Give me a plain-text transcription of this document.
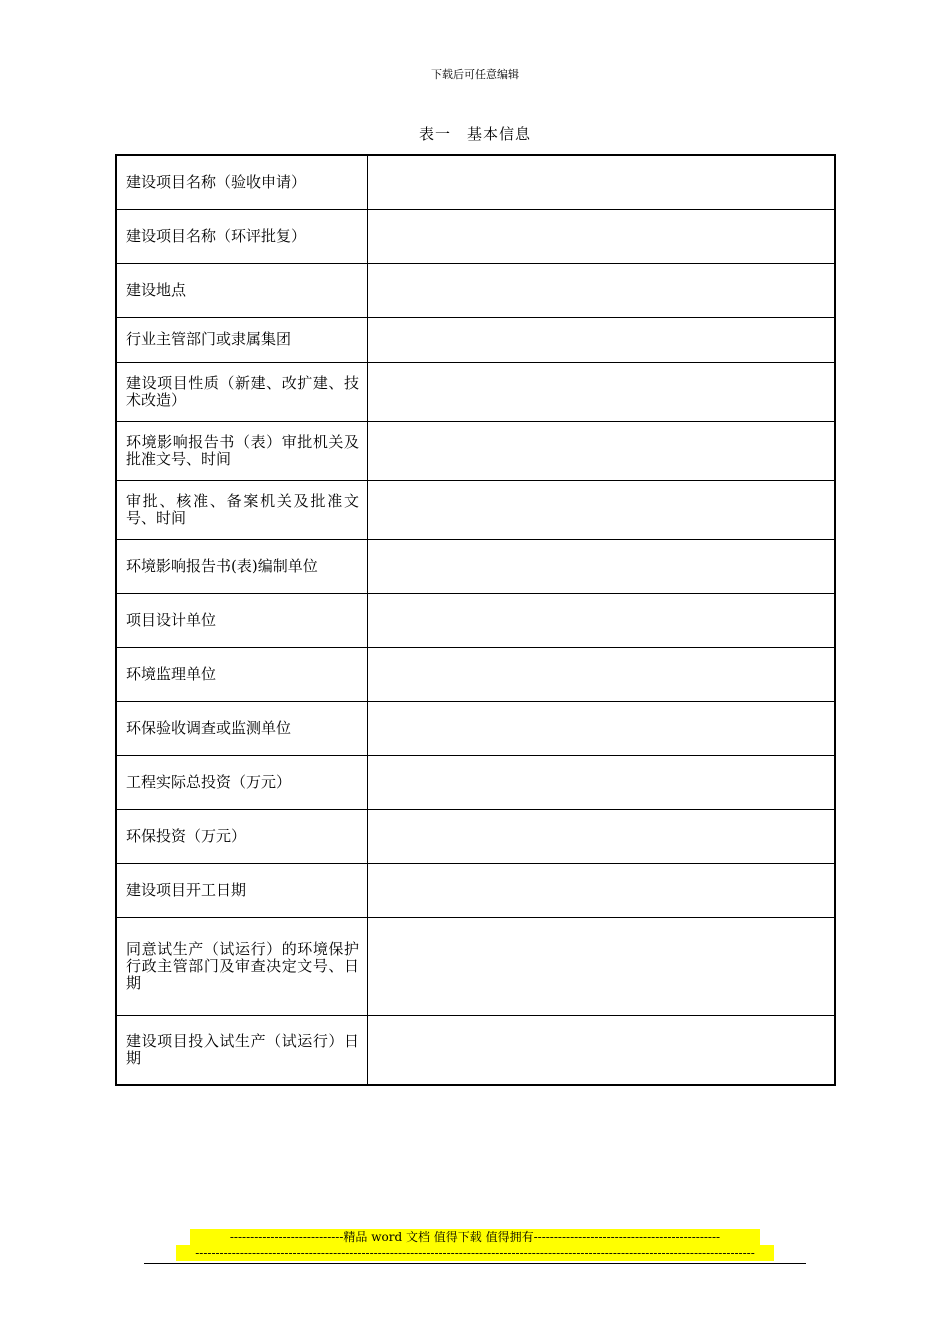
下载后可任意编辑
表一　基本信息
建设项目名称（验收申请）	
建设项目名称（环评批复）	
建设地点	
行业主管部门或隶属集团	
建设项目性质（新建、改扩建、技术改造）	
环境影响报告书（表）审批机关及批准文号、时间	
审批、核准、备案机关及批准文号、时间	
环境影响报告书(表)编制单位	
项目设计单位	
环境监理单位	
环保验收调查或监测单位	
工程实际总投资（万元）	
环保投资（万元）	
建设项目开工日期	
同意试生产（试运行）的环境保护行政主管部门及审查决定文号、日期	
建设项目投入试生产（试运行）日期	
----------------------------精品 word 文档 值得下载 值得拥有----------------------------------------------
------------------------------------------------------------------------------------------------------------------------------------------
